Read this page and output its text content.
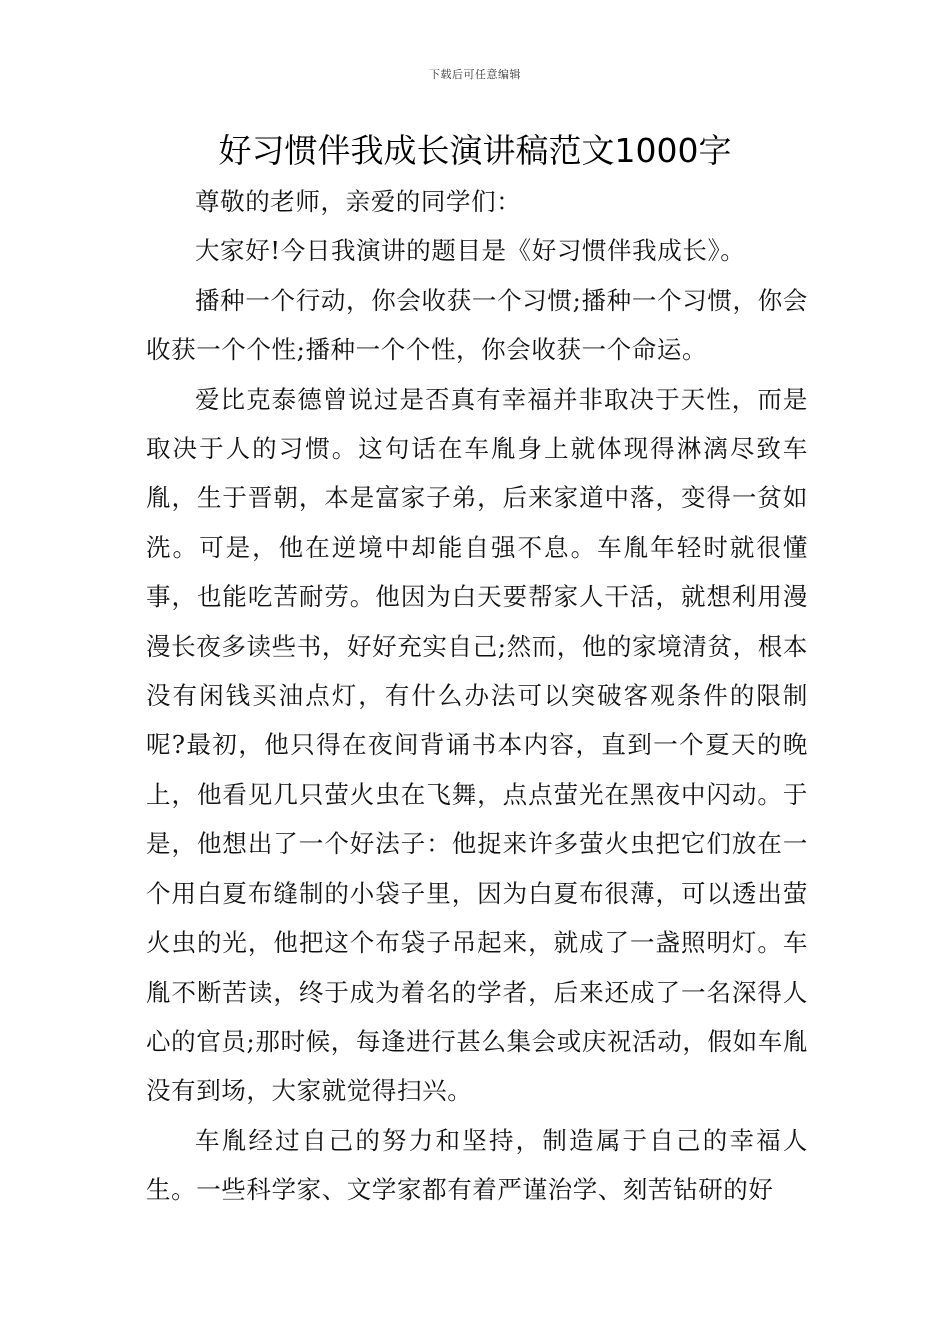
下载后可任意编辑
好习惯伴我成长演讲稿范文1000字

尊敬的老师，亲爱的同学们：

大家好!今日我演讲的题目是《好习惯伴我成长》。

播种一个行动，你会收获一个习惯;播种一个习惯，你会收获一个个性;播种一个个性，你会收获一个命运。

爱比克泰德曾说过是否真有幸福并非取决于天性，而是取决于人的习惯。这句话在车胤身上就体现得淋漓尽致车胤，生于晋朝，本是富家子弟，后来家道中落，变得一贫如洗。可是，他在逆境中却能自强不息。车胤年轻时就很懂事，也能吃苦耐劳。他因为白天要帮家人干活，就想利用漫漫长夜多读些书，好好充实自己;然而，他的家境清贫，根本没有闲钱买油点灯，有什么办法可以突破客观条件的限制呢?最初，他只得在夜间背诵书本内容，直到一个夏天的晚上，他看见几只萤火虫在飞舞，点点萤光在黑夜中闪动。于是，他想出了一个好法子：他捉来许多萤火虫把它们放在一个用白夏布缝制的小袋子里，因为白夏布很薄，可以透出萤火虫的光，他把这个布袋子吊起来，就成了一盏照明灯。车胤不断苦读，终于成为着名的学者，后来还成了一名深得人心的官员;那时候，每逢进行甚么集会或庆祝活动，假如车胤没有到场，大家就觉得扫兴。

车胤经过自己的努力和坚持，制造属于自己的幸福人生。一些科学家、文学家都有着严谨治学、刻苦钻研的好
